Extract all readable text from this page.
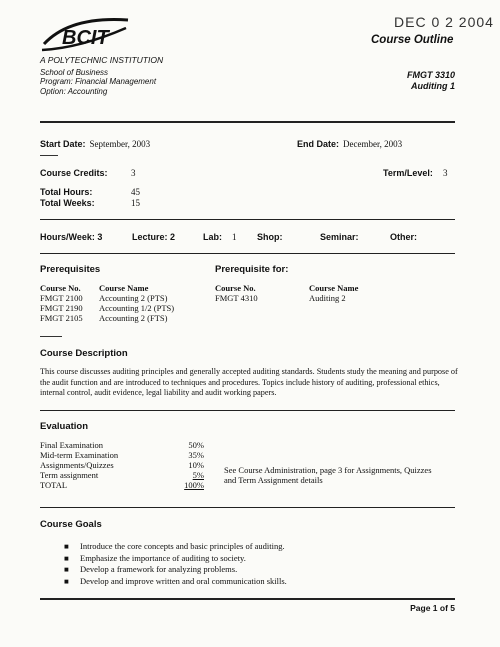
BCIT
DEC 0 2 2004
Course Outline
A POLYTECHNIC INSTITUTION
School of Business
Program: Financial Management
Option: Accounting
FMGT 3310
Auditing 1
Start Date: September, 2003	End Date: December, 2003
Course Credits:	3	Term/Level: 3
Total Hours:	45
Total Weeks:	15
Hours/Week: 3	Lecture: 2	Lab: 1 Shop:	Seminar:	Other:
Prerequisites	Prerequisite for:
Course No.	Course Name
FMGT 2100	Accounting 2 (PTS)
FMGT 2190	Accounting 1/2 (PTS)
FMGT 2105	Accounting 2 (FTS)
Course No.	Course Name
FMGT 4310	Auditing 2
Course Description
This course discusses auditing principles and generally accepted auditing standards. Students study the meaning and purpose of the audit function and are introduced to techniques and procedures. Topics include history of auditing, professional ethics, internal control, audit evidence, legal liability and audit working papers.
Evaluation
Final Examination	50%
Mid-term Examination	35%
Assignments/Quizzes	10%
Term assignment	5%
TOTAL	100%
See Course Administration, page 3 for Assignments, Quizzes
and Term Assignment details
Course Goals
■ Introduce the core concepts and basic principles of auditing.
■ Emphasize the importance of auditing to society.
■ Develop a framework for analyzing problems.
■ Develop and improve written and oral communication skills.
Page 1 of 5
